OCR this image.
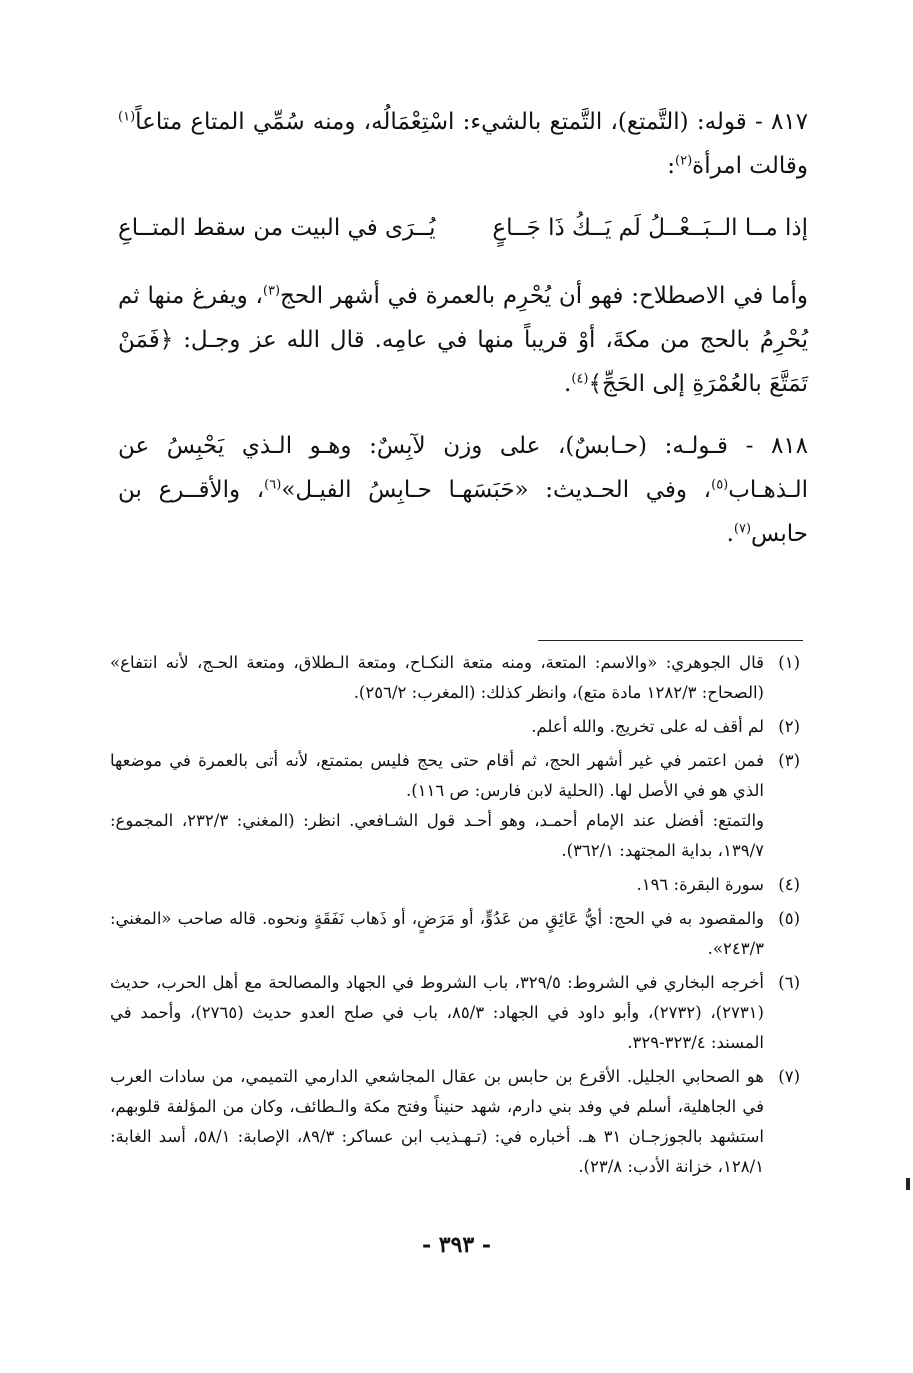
٨١٧ - قوله: (التَّمتع)، التَّمتع بالشيء: اسْتِعْمَالُه، ومنه سُمِّي المتاع متاعاً$^{(١)}$ وقالت امرأة$^{(٢)}$:

إذا مــا الــبَــعْــلُ لَم يَــكُ ذَا جَــاعٍ
يُــرَى في البيت من سقط المتــاعِ

وأما في الاصطلاح: فهو أن يُحْرِم بالعمرة في أشهر الحج$^{(٣)}$، ويفرغ منها ثم يُحْرِمُ بالحج من مكةَ، أوْ قريباً منها في عامِه. قال الله عز وجـل: ﴿فَمَنْ تَمَتَّعَ بالعُمْرَةِ إلى الحَجِّ﴾$^{(٤)}$.

٨١٨ - قـولـه: (حـابسٌ)، على وزن لآبِسٌ: وهـو الـذي يَحْبِسُ عن الـذهـاب$^{(٥)}$، وفي الحـديث: «حَبَسَهـا حـابِسُ الفيـل»$^{(٦)}$، والأقــرع بن حابس$^{(٧)}$.

(١)

قال الجوهري: «والاسم: المتعة، ومنه متعة النكـاح، ومتعة الـطلاق، ومتعة الحـج، لأنه انتفاع» (الصحاح: ١٢٨٢/٣ مادة متع)، وانظر كذلك: (المغرب: ٢٥٦/٢).

(٢)

لم أقف له على تخريج. والله أعلم.

(٣)

فمن اعتمر في غير أشهر الحج، ثم أقام حتى يحج فليس بمتمتع، لأنه أتى بالعمرة في موضعها الذي هو في الأصل لها. (الحلية لابن فارس: ص ١١٦).

والتمتع: أفضل عند الإمام أحمـد، وهو أحـد قول الشـافعي. انظر: (المغني: ٢٣٢/٣، المجموع: ١٣٩/٧، بداية المجتهد: ٣٦٢/١).

(٤)

سورة البقرة: ١٩٦.

(٥)

والمقصود به في الحج: أيُّ عَائِقٍ من عَدُوٍّ، أو مَرَضٍ، أو ذَهاب نَفَقَةٍ ونحوه. قاله صاحب «المغني: ٢٤٣/٣».

(٦)

أخرجه البخاري في الشروط: ٣٢٩/٥، باب الشروط في الجهاد والمصالحة مع أهل الحرب، حديث (٢٧٣١)، (٢٧٣٢)، وأبو داود في الجهاد: ٨٥/٣، باب في صلح العدو حديث (٢٧٦٥)، وأحمد في المسند: ٣٢٣/٤-٣٢٩.

(٧)

هو الصحابي الجليل. الأقرع بن حابس بن عقال المجاشعي الدارمي التميمي، من سادات العرب في الجاهلية، أسلم في وفد بني دارم، شهد حنيناً وفتح مكة والـطائف، وكان من المؤلفة قلوبهم، استشهد بالجوزجـان ٣١ هـ. أخباره في: (تـهـذيب ابن عساكر: ٨٩/٣، الإصابة: ٥٨/١، أسد الغابة: ١٢٨/١، خزانة الأدب: ٢٣/٨).

- ٣٩٣ -
